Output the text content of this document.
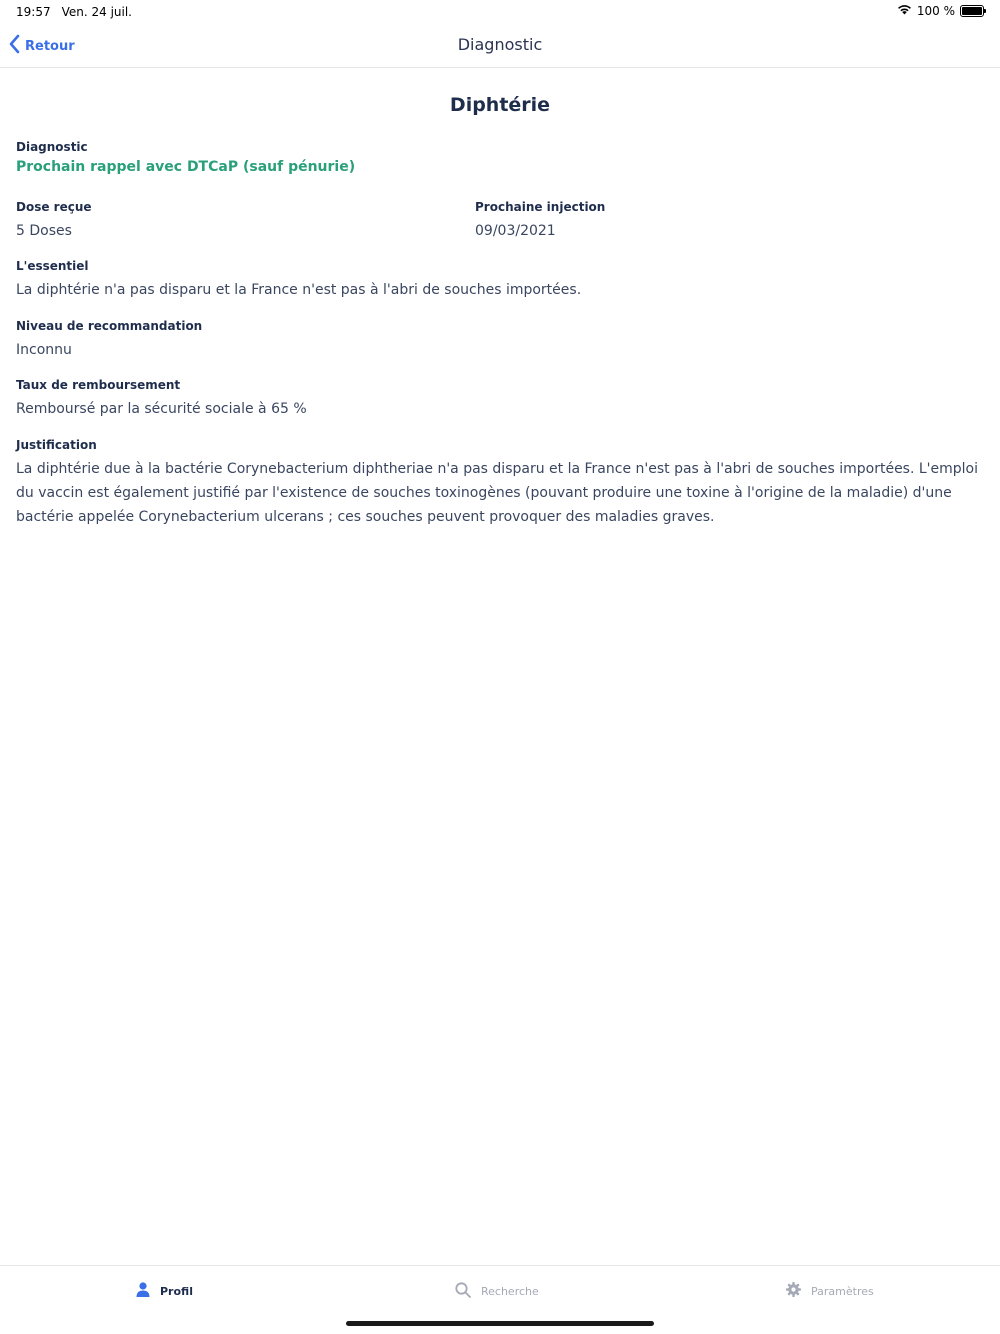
19:57 Ven. 24 juil.	100 %
Retour	Diagnostic
Diphtérie
Diagnostic
Prochain rappel avec DTCaP (sauf pénurie)
Dose reçue
5 Doses
Prochaine injection
09/03/2021
L'essentiel
La diphtérie n'a pas disparu et la France n'est pas à l'abri de souches importées.
Niveau de recommandation
Inconnu
Taux de remboursement
Remboursé par la sécurité sociale à 65 %
Justification
La diphtérie due à la bactérie Corynebacterium diphtheriae n'a pas disparu et la France n'est pas à l'abri de souches importées. L'emploi du vaccin est également justifié par l'existence de souches toxinogènes (pouvant produire une toxine à l'origine de la maladie) d'une bactérie appelée Corynebacterium ulcerans ; ces souches peuvent provoquer des maladies graves.
Profil	Recherche	Paramètres
